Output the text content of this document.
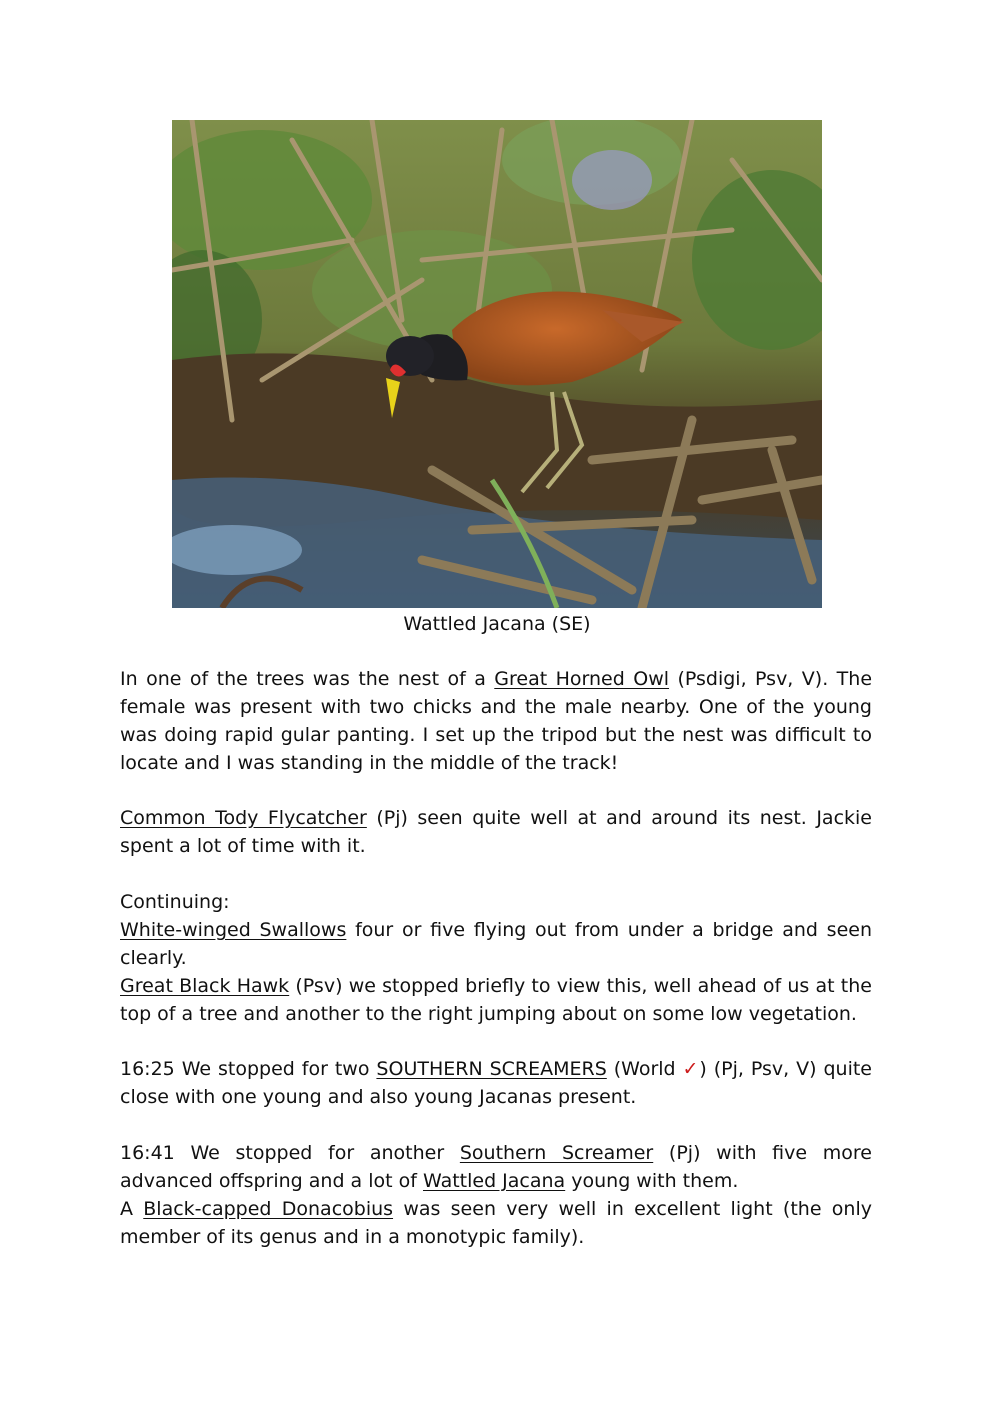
Wattled Jacana (SE)
In one of the trees was the nest of a Great Horned Owl (Psdigi, Psv, V). The female was present with two chicks and the male nearby. One of the young was doing rapid gular panting. I set up the tripod but the nest was difficult to locate and I was standing in the middle of the track!
Common Tody Flycatcher (Pj) seen quite well at and around its nest. Jackie spent a lot of time with it.

Continuing:

White-winged Swallows four or five flying out from under a bridge and seen clearly.

Great Black Hawk (Psv) we stopped briefly to view this, well ahead of us at the top of a tree and another to the right jumping about on some low vegetation.

16:25 We stopped for two SOUTHERN SCREAMERS (World ✓) (Pj, Psv, V) quite close with one young and also young Jacanas present.

16:41 We stopped for another Southern Screamer (Pj) with five more advanced offspring and a lot of Wattled Jacana young with them.

A Black-capped Donacobius was seen very well in excellent light (the only member of its genus and in a monotypic family).
